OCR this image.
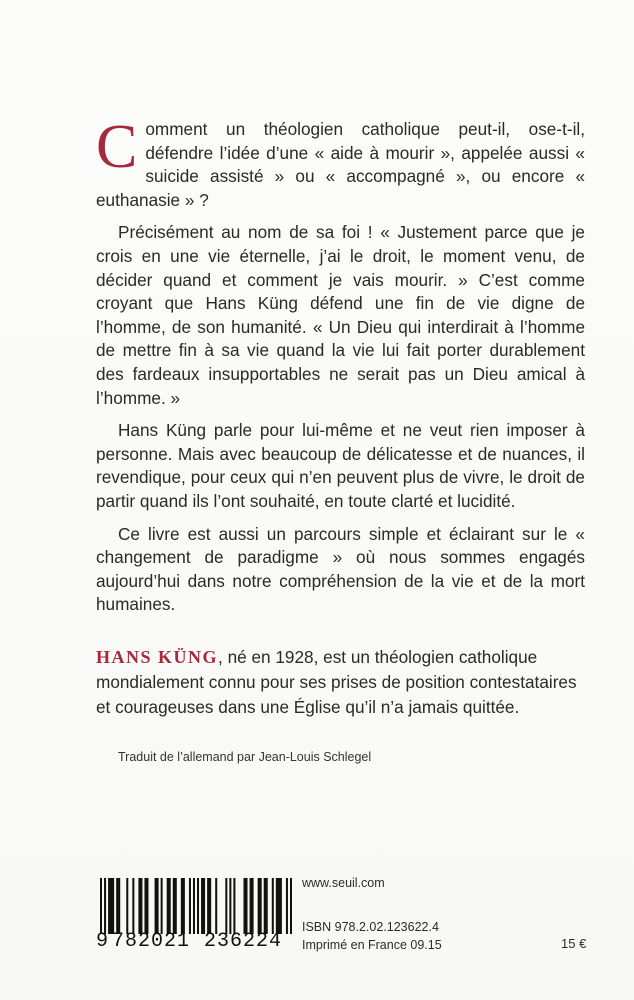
Comment un théologien catholique peut-il, ose-t-il, défendre l’idée d’une « aide à mourir », appelée aussi « suicide assisté » ou « accompagné », ou encore « euthanasie » ?

Précisément au nom de sa foi ! « Justement parce que je crois en une vie éternelle, j’ai le droit, le moment venu, de décider quand et comment je vais mourir. » C’est comme croyant que Hans Küng défend une fin de vie digne de l’homme, de son humanité. « Un Dieu qui interdirait à l’homme de mettre fin à sa vie quand la vie lui fait porter durablement des fardeaux insupportables ne serait pas un Dieu amical à l’homme. »

Hans Küng parle pour lui-même et ne veut rien imposer à personne. Mais avec beaucoup de délicatesse et de nuances, il revendique, pour ceux qui n’en peuvent plus de vivre, le droit de partir quand ils l’ont souhaité, en toute clarté et lucidité.

Ce livre est aussi un parcours simple et éclairant sur le « changement de paradigme » où nous sommes engagés aujourd’hui dans notre compréhension de la vie et de la mort humaines.

HANS KÜNG, né en 1928, est un théologien catholique mondialement connu pour ses prises de position contestataires et courageuses dans une Église qu’il n’a jamais quittée.
Traduit de l’allemand par Jean-Louis Schlegel
9 782021 236224
www.seuil.com
ISBN 978.2.02.123622.4
Imprimé en France 09.15	15 €
